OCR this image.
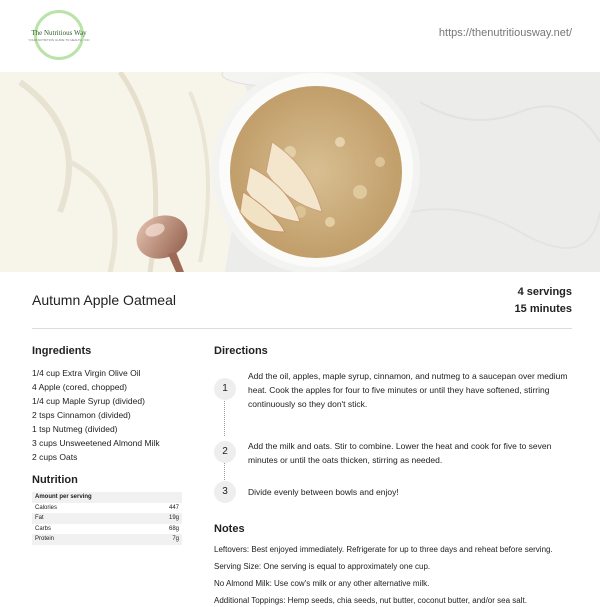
The Nutritious Way
YOUR NUTRITION GUIDE TO HEALTH · INC
https://thenutritiousway.net/
Autumn Apple Oatmeal	4 servings
15 minutes
Ingredients
1/4 cup Extra Virgin Olive Oil
4 Apple (cored, chopped)
1/4 cup Maple Syrup (divided)
2 tsps Cinnamon (divided)
1 tsp Nutmeg (divided)
3 cups Unsweetened Almond Milk
2 cups Oats
Nutrition
Amount per serving
Calories	447
Fat	19g
Carbs	68g
Protein	7g
Directions
1
Add the oil, apples, maple syrup, cinnamon, and nutmeg to a saucepan over medium heat. Cook the apples for four to five minutes or until they have softened, stirring continuously so they don't stick.
2	Add the milk and oats. Stir to combine. Lower the heat and cook for five to seven minutes or until the oats thicken, stirring as needed.
3	Divide evenly between bowls and enjoy!
Notes
Leftovers: Best enjoyed immediately. Refrigerate for up to three days and reheat before serving.
Serving Size: One serving is equal to approximately one cup.
No Almond Milk: Use cow's milk or any other alternative milk.
Additional Toppings: Hemp seeds, chia seeds, nut butter, coconut butter, and/or sea salt.
